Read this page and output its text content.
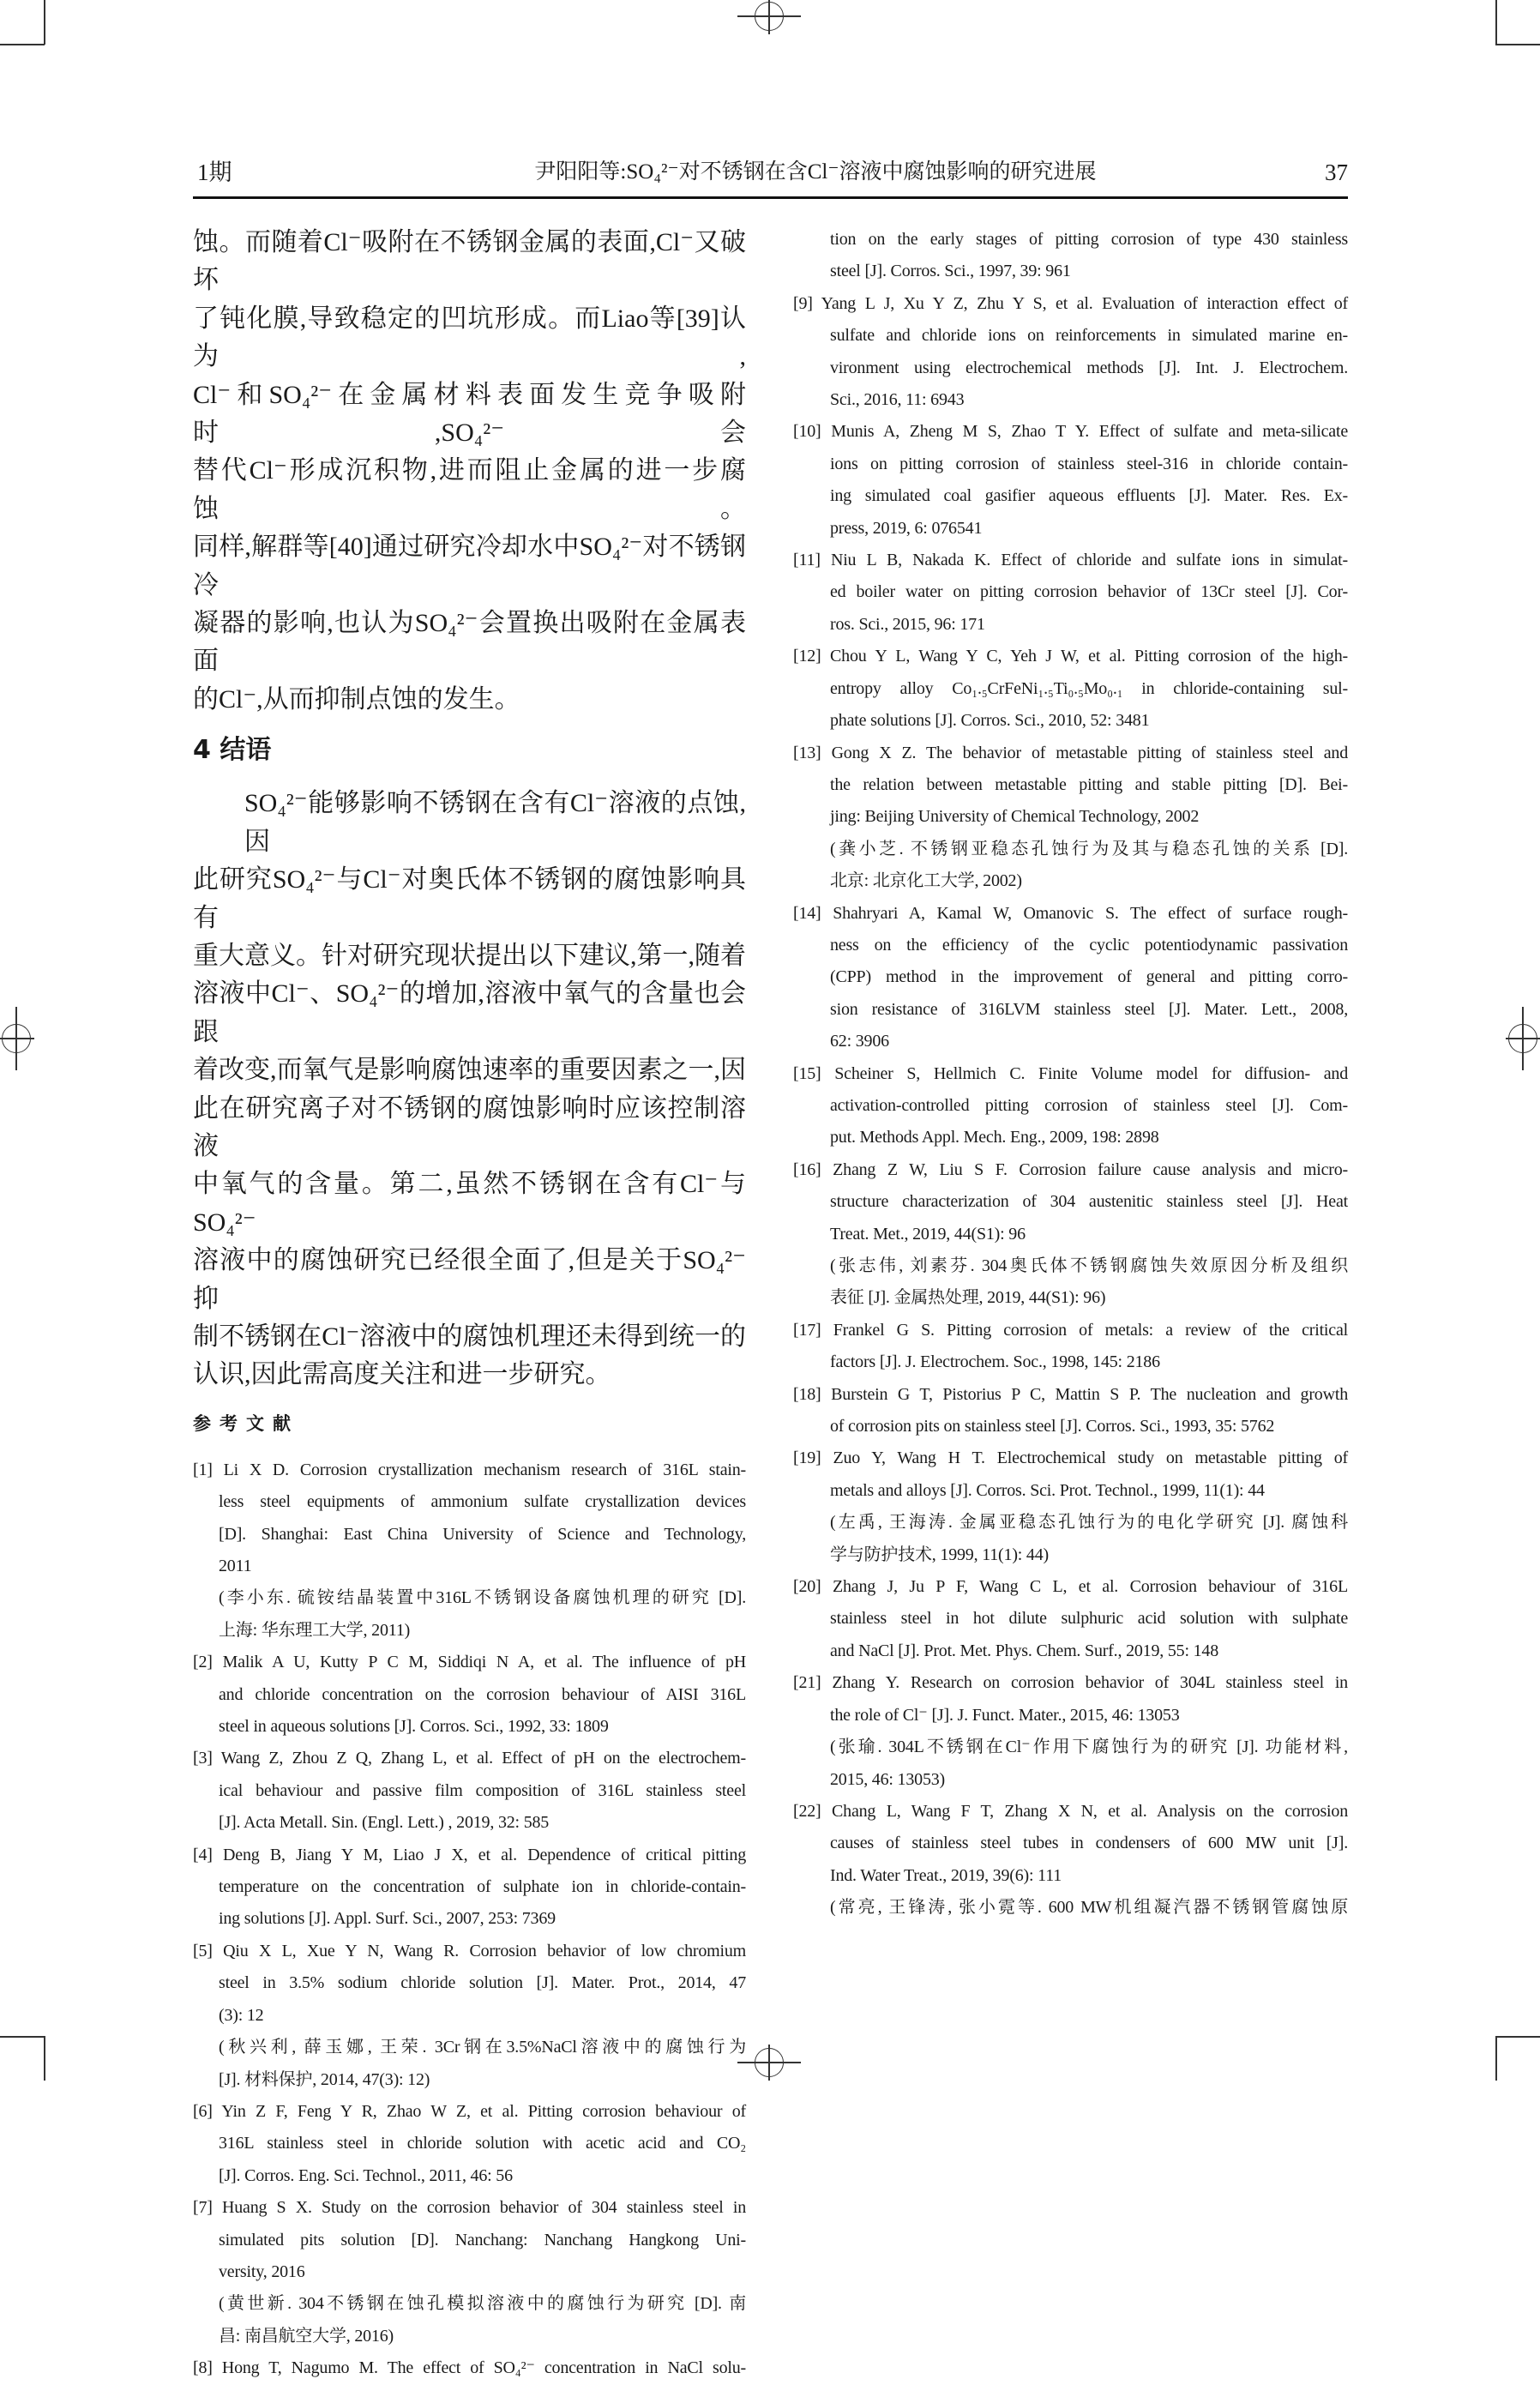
1期	尹阳阳等:SO₄²⁻对不锈钢在含Cl⁻溶液中腐蚀影响的研究进展	37
蚀。而随着Cl⁻吸附在不锈钢金属的表面,Cl⁻又破坏
了钝化膜,导致稳定的凹坑形成。而Liao等[39]认为,
Cl⁻和SO₄²⁻在金属材料表面发生竞争吸附时,SO₄²⁻会
替代Cl⁻形成沉积物,进而阻止金属的进一步腐蚀。
同样,解群等[40]通过研究冷却水中SO₄²⁻对不锈钢冷
凝器的影响,也认为SO₄²⁻会置换出吸附在金属表面
的Cl⁻,从而抑制点蚀的发生。
4 结语
SO₄²⁻能够影响不锈钢在含有Cl⁻溶液的点蚀,因
此研究SO₄²⁻与Cl⁻对奥氏体不锈钢的腐蚀影响具有
重大意义。针对研究现状提出以下建议,第一,随着
溶液中Cl⁻、SO₄²⁻的增加,溶液中氧气的含量也会跟
着改变,而氧气是影响腐蚀速率的重要因素之一,因
此在研究离子对不锈钢的腐蚀影响时应该控制溶液
中氧气的含量。第二,虽然不锈钢在含有Cl⁻与SO₄²⁻
溶液中的腐蚀研究已经很全面了,但是关于SO₄²⁻抑
制不锈钢在Cl⁻溶液中的腐蚀机理还未得到统一的
认识,因此需高度关注和进一步研究。
参考文献
[1] Li X D. Corrosion crystallization mechanism research of 316L stain-
less steel equipments of ammonium sulfate crystallization devices
[D]. Shanghai: East China University of Science and Technology,
2011
(李小东. 硫铵结晶装置中316L不锈钢设备腐蚀机理的研究 [D].
上海: 华东理工大学, 2011)
[2] Malik A U, Kutty P C M, Siddiqi N A, et al. The influence of pH
and chloride concentration on the corrosion behaviour of AISI 316L
steel in aqueous solutions [J]. Corros. Sci., 1992, 33: 1809
[3] Wang Z, Zhou Z Q, Zhang L, et al. Effect of pH on the electrochem-
ical behaviour and passive film composition of 316L stainless steel
[J]. Acta Metall. Sin. (Engl. Lett.) , 2019, 32: 585
[4] Deng B, Jiang Y M, Liao J X, et al. Dependence of critical pitting
temperature on the concentration of sulphate ion in chloride-contain-
ing solutions [J]. Appl. Surf. Sci., 2007, 253: 7369
[5] Qiu X L, Xue Y N, Wang R. Corrosion behavior of low chromium
steel in 3.5% sodium chloride solution [J]. Mater. Prot., 2014, 47
(3): 12
(秋兴利, 薛玉娜, 王荣. 3Cr钢在3.5%NaCl溶液中的腐蚀行为
[J]. 材料保护, 2014, 47(3): 12)
[6] Yin Z F, Feng Y R, Zhao W Z, et al. Pitting corrosion behaviour of
316L stainless steel in chloride solution with acetic acid and CO₂
[J]. Corros. Eng. Sci. Technol., 2011, 46: 56
[7] Huang S X. Study on the corrosion behavior of 304 stainless steel in
simulated pits solution [D]. Nanchang: Nanchang Hangkong Uni-
versity, 2016
(黄世新. 304不锈钢在蚀孔模拟溶液中的腐蚀行为研究 [D]. 南
昌: 南昌航空大学, 2016)
[8] Hong T, Nagumo M. The effect of SO₄²⁻ concentration in NaCl solu-
tion on the early stages of pitting corrosion of type 430 stainless
steel [J]. Corros. Sci., 1997, 39: 961
[9] Yang L J, Xu Y Z, Zhu Y S, et al. Evaluation of interaction effect of
sulfate and chloride ions on reinforcements in simulated marine en-
vironment using electrochemical methods [J]. Int. J. Electrochem.
Sci., 2016, 11: 6943
[10] Munis A, Zheng M S, Zhao T Y. Effect of sulfate and meta-silicate
ions on pitting corrosion of stainless steel-316 in chloride contain-
ing simulated coal gasifier aqueous effluents [J]. Mater. Res. Ex-
press, 2019, 6: 076541
[11] Niu L B, Nakada K. Effect of chloride and sulfate ions in simulat-
ed boiler water on pitting corrosion behavior of 13Cr steel [J]. Cor-
ros. Sci., 2015, 96: 171
[12] Chou Y L, Wang Y C, Yeh J W, et al. Pitting corrosion of the high-
entropy alloy Co₁.₅CrFeNi₁.₅Ti₀.₅Mo₀.₁ in chloride-containing sul-
phate solutions [J]. Corros. Sci., 2010, 52: 3481
[13] Gong X Z. The behavior of metastable pitting of stainless steel and
the relation between metastable pitting and stable pitting [D]. Bei-
jing: Beijing University of Chemical Technology, 2002
(龚小芝. 不锈钢亚稳态孔蚀行为及其与稳态孔蚀的关系 [D].
北京: 北京化工大学, 2002)
[14] Shahryari A, Kamal W, Omanovic S. The effect of surface rough-
ness on the efficiency of the cyclic potentiodynamic passivation
(CPP) method in the improvement of general and pitting corro-
sion resistance of 316LVM stainless steel [J]. Mater. Lett., 2008,
62: 3906
[15] Scheiner S, Hellmich C. Finite Volume model for diffusion- and
activation-controlled pitting corrosion of stainless steel [J]. Com-
put. Methods Appl. Mech. Eng., 2009, 198: 2898
[16] Zhang Z W, Liu S F. Corrosion failure cause analysis and micro-
structure characterization of 304 austenitic stainless steel [J]. Heat
Treat. Met., 2019, 44(S1): 96
(张志伟, 刘素芬. 304奥氏体不锈钢腐蚀失效原因分析及组织
表征 [J]. 金属热处理, 2019, 44(S1): 96)
[17] Frankel G S. Pitting corrosion of metals: a review of the critical
factors [J]. J. Electrochem. Soc., 1998, 145: 2186
[18] Burstein G T, Pistorius P C, Mattin S P. The nucleation and growth
of corrosion pits on stainless steel [J]. Corros. Sci., 1993, 35: 5762
[19] Zuo Y, Wang H T. Electrochemical study on metastable pitting of
metals and alloys [J]. Corros. Sci. Prot. Technol., 1999, 11(1): 44
(左禹, 王海涛. 金属亚稳态孔蚀行为的电化学研究 [J]. 腐蚀科
学与防护技术, 1999, 11(1): 44)
[20] Zhang J, Ju P F, Wang C L, et al. Corrosion behaviour of 316L
stainless steel in hot dilute sulphuric acid solution with sulphate
and NaCl [J]. Prot. Met. Phys. Chem. Surf., 2019, 55: 148
[21] Zhang Y. Research on corrosion behavior of 304L stainless steel in
the role of Cl⁻ [J]. J. Funct. Mater., 2015, 46: 13053
(张瑜. 304L不锈钢在Cl⁻作用下腐蚀行为的研究 [J]. 功能材料,
2015, 46: 13053)
[22] Chang L, Wang F T, Zhang X N, et al. Analysis on the corrosion
causes of stainless steel tubes in condensers of 600 MW unit [J].
Ind. Water Treat., 2019, 39(6): 111
(常亮, 王锋涛, 张小霓等. 600 MW机组凝汽器不锈钢管腐蚀原
